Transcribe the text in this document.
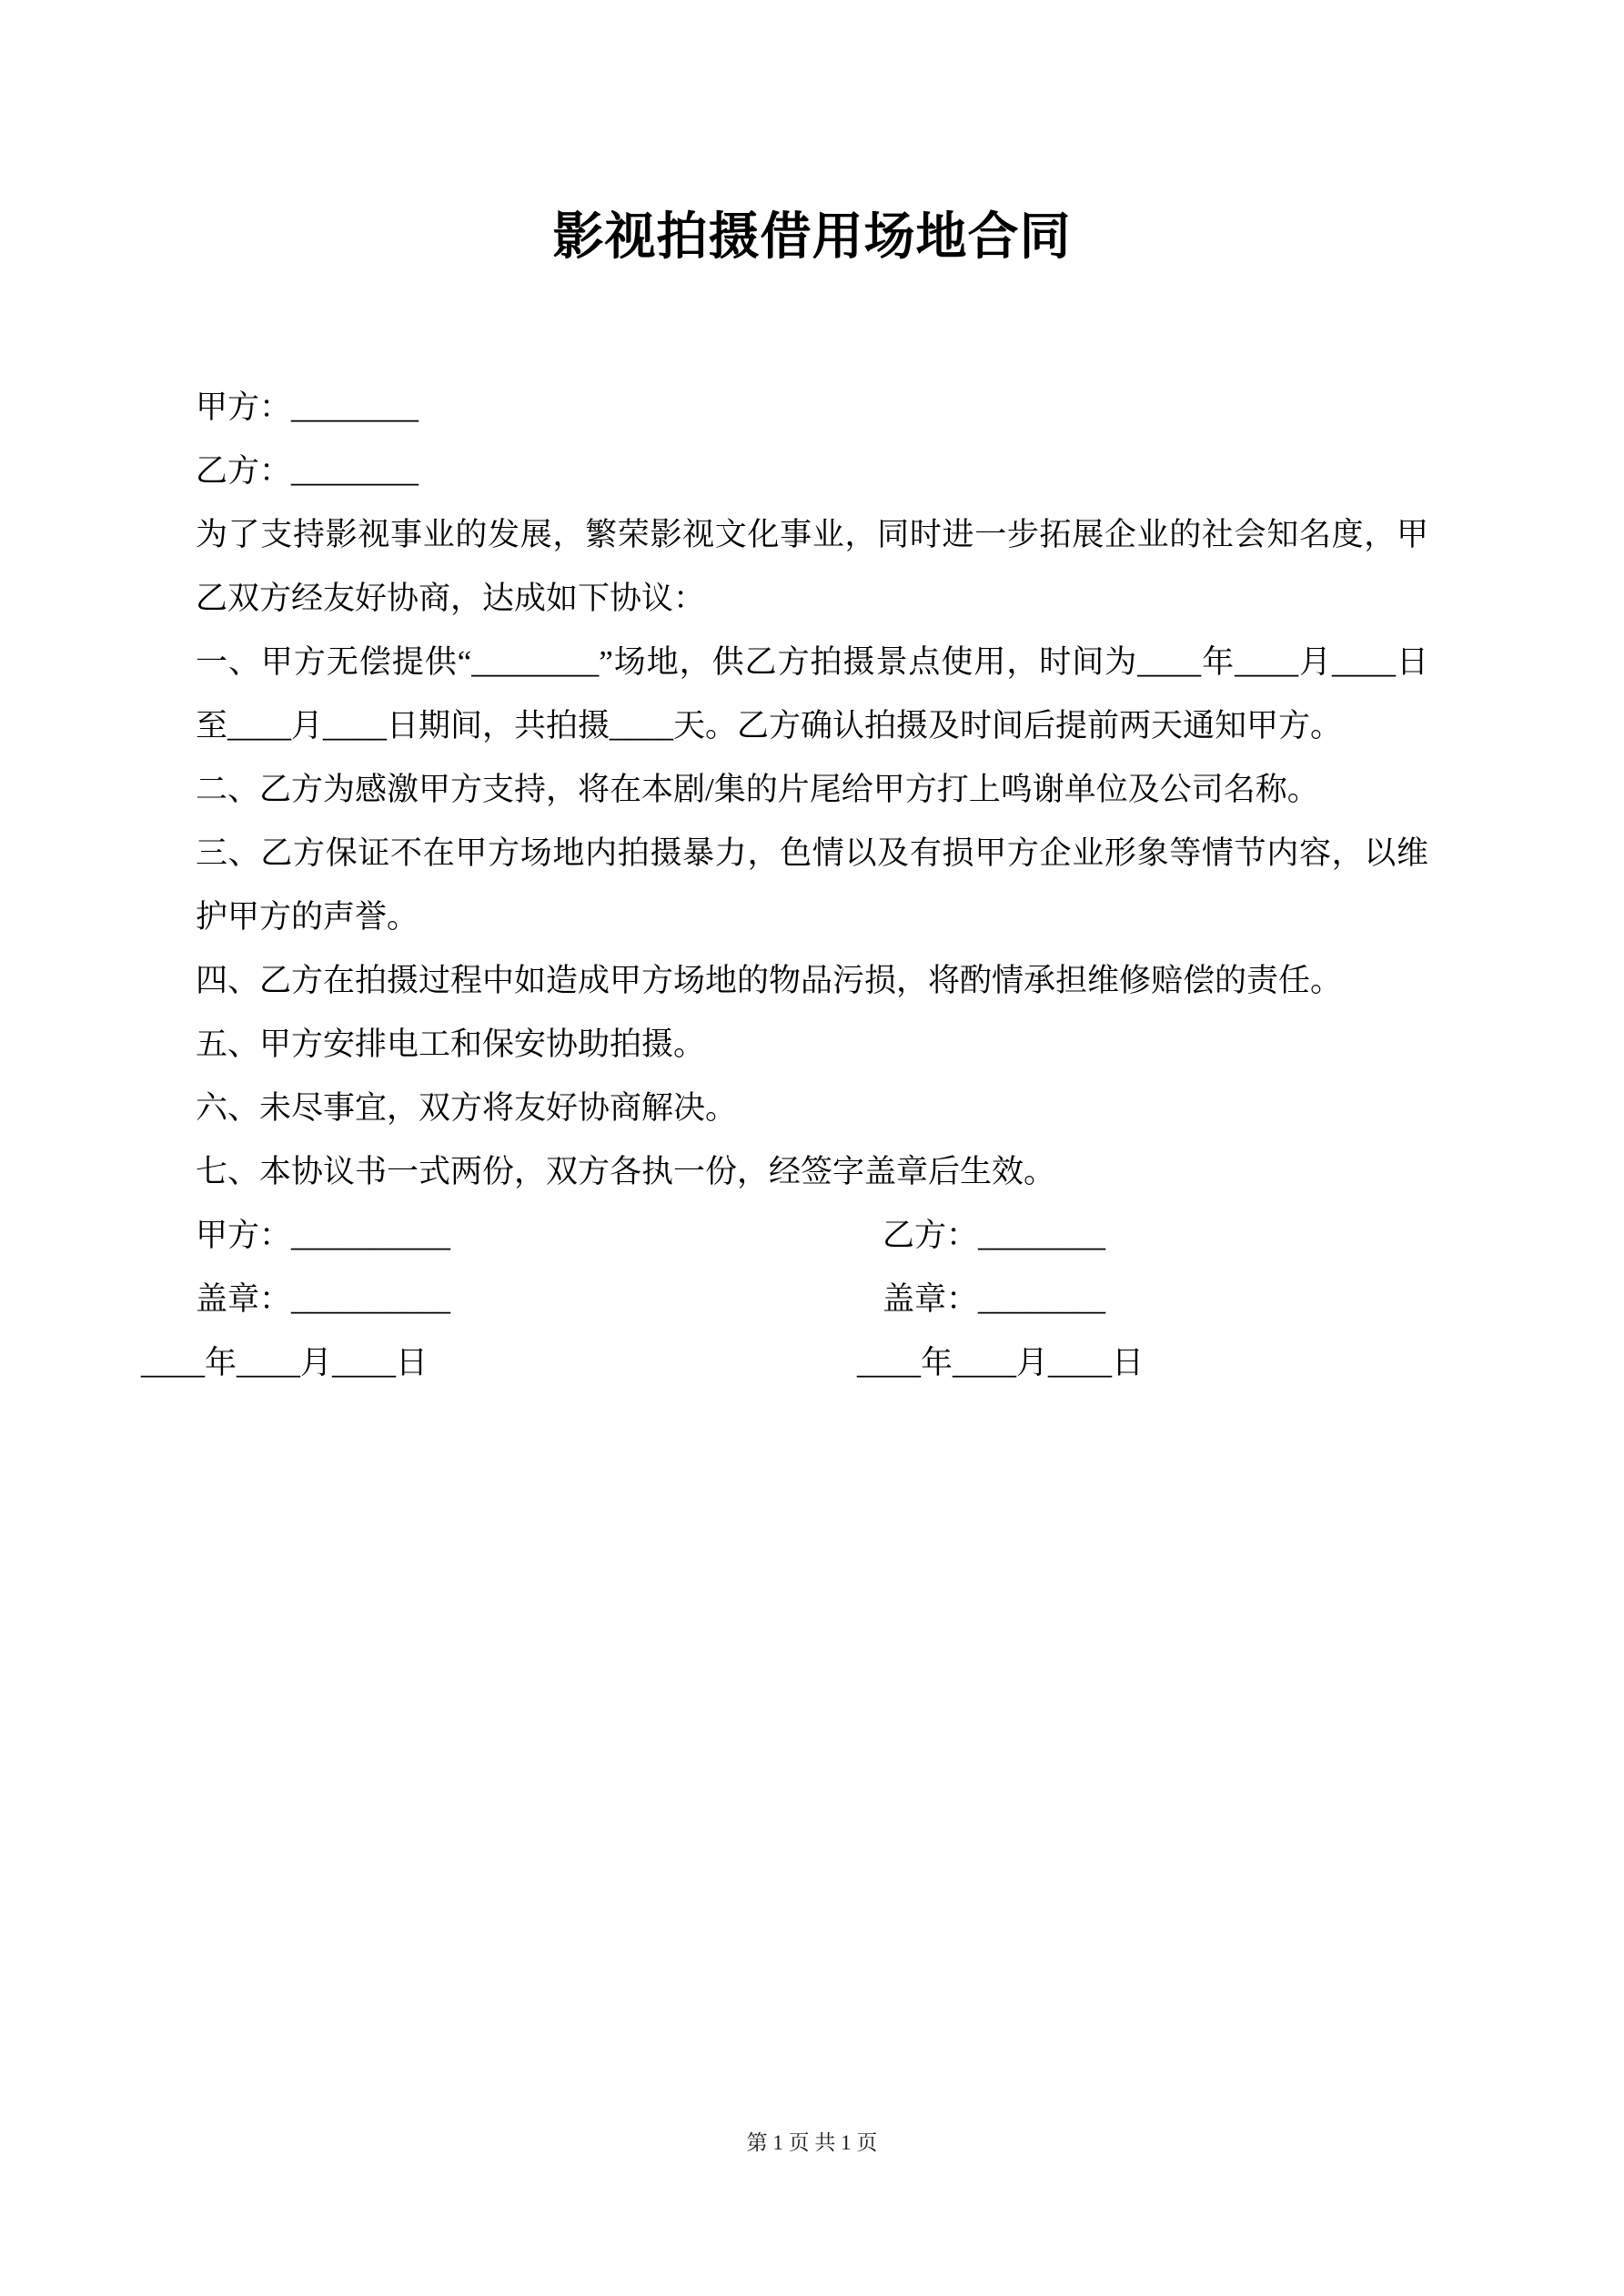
影视拍摄借用场地合同

甲方：________

乙方：________

为了支持影视事业的发展，繁荣影视文化事业，同时进一步拓展企业的社会知名度，甲乙双方经友好协商，达成如下协议：

一、甲方无偿提供“________”场地，供乙方拍摄景点使用，时间为____年____月____日至____月____日期间，共拍摄____天。乙方确认拍摄及时间后提前两天通知甲方。

二、乙方为感激甲方支持，将在本剧/集的片尾给甲方打上鸣谢单位及公司名称。

三、乙方保证不在甲方场地内拍摄暴力，色情以及有损甲方企业形象等情节内容，以维护甲方的声誉。

四、乙方在拍摄过程中如造成甲方场地的物品污损，将酌情承担维修赔偿的责任。

五、甲方安排电工和保安协助拍摄。

六、未尽事宜，双方将友好协商解决。

七、本协议书一式两份，双方各执一份，经签字盖章后生效。

甲方：__________	乙方：________
盖章：__________	盖章：________
____年____月____日	____年____月____日
第 1 页 共 1 页
